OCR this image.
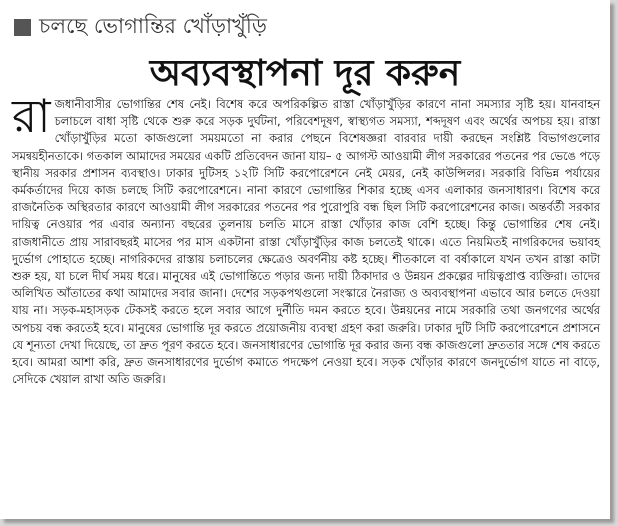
চলছে ভোগান্তির খোঁড়াখুঁড়ি
অব্যবস্থাপনা দূর করুন
রা জধানীবাসীর ভোগান্তির শেষ নেই। বিশেষ করে অপরিকল্পিত রাস্তা খোঁড়াখুঁড়ির কারণে নানা সমস্যার সৃষ্টি হয়। যানবাহন চলাচলে বাধা সৃষ্টি থেকে শুরু করে সড়ক দুর্ঘটনা, পরিবেশদূষণ, স্বাস্থ্যগত সমস্যা, শব্দদূষণ এবং অর্থের অপচয় হয়। রাস্তা খোঁড়াখুঁড়ির মতো কাজগুলো সময়মতো না করার পেছনে বিশেষজ্ঞরা বারবার দায়ী করছেন সংশ্লিষ্ট বিভাগগুলোর সমন্বয়হীনতাকে। গতকাল আমাদের সময়ের একটি প্রতিবেদন জানা যায়– ৫ আগস্ট আওয়ামী লীগ সরকারের পতনের পর ভেঙে পড়ে স্থানীয় সরকার প্রশাসন ব্যবস্থাও। ঢাকার দুটিসহ ১২টি সিটি করপোরেশনে নেই মেয়র, নেই কাউন্সিলর। সরকারি বিভিন্ন পর্যায়ের কর্মকর্তাদের দিয়ে কাজ চলছে সিটি করপোরেশনে। নানা কারণে ভোগান্তির শিকার হচ্ছে এসব এলাকার জনসাধারণ। বিশেষ করে রাজনৈতিক অস্থিরতার কারণে আওয়ামী লীগ সরকারের পতনের পর পুরোপুরি বন্ধ ছিল সিটি করপোরেশনের কাজ। অন্তর্বর্তী সরকার দায়িত্ব নেওয়ার পর এবার অন্যান্য বছরের তুলনায় চলতি মাসে রাস্তা খোঁড়ার কাজ বেশি হচ্ছে। কিন্তু ভোগান্তির শেষ নেই। রাজধানীতে প্রায় সারাবছরই মাসের পর মাস একটানা রাস্তা খোঁড়াখুঁড়ির কাজ চলতেই থাকে। এতে নিয়মিতই নাগরিকদের ভয়াবহ দুর্ভোগ পোহাতে হচ্ছে। নাগরিকদের রাস্তায় চলাচলের ক্ষেত্রেও অবর্ণনীয় কষ্ট হচ্ছে। শীতকালে বা বর্ষাকালে যখন তখন রাস্তা কাটা শুরু হয়, যা চলে দীর্ঘ সময় ধরে। মানুষের এই ভোগান্তিতে পড়ার জন্য দায়ী ঠিকাদার ও উন্নয়ন প্রকল্পের দায়িত্বপ্রাপ্ত ব্যক্তিরা। তাদের অলিখিত আঁতাতের কথা আমাদের সবার জানা। দেশের সড়কপথগুলো সংস্কারে নৈরাজ্য ও অব্যবস্থাপনা এভাবে আর চলতে দেওয়া যায় না। সড়ক-মহাসড়ক টেকসই করতে হলে সবার আগে দুর্নীতি দমন করতে হবে। উন্নয়নের নামে সরকারি তথা জনগণের অর্থের অপচয় বন্ধ করতেই হবে। মানুষের ভোগান্তি দূর করতে প্রয়োজনীয় ব্যবস্থা গ্রহণ করা জরুরি। ঢাকার দুটি সিটি করপোরেশনে প্রশাসনে যে শূন্যতা দেখা দিয়েছে, তা দ্রুত পূরণ করতে হবে। জনসাধারণের ভোগান্তি দূর করার জন্য বন্ধ কাজগুলো দ্রুততার সঙ্গে শেষ করতে হবে। আমরা আশা করি, দ্রুত জনসাধারণের দুর্ভোগ কমাতে পদক্ষেপ নেওয়া হবে। সড়ক খোঁড়ার কারণে জনদুর্ভোগ যাতে না বাড়ে, সেদিকে খেয়াল রাখা অতি জরুরি।
